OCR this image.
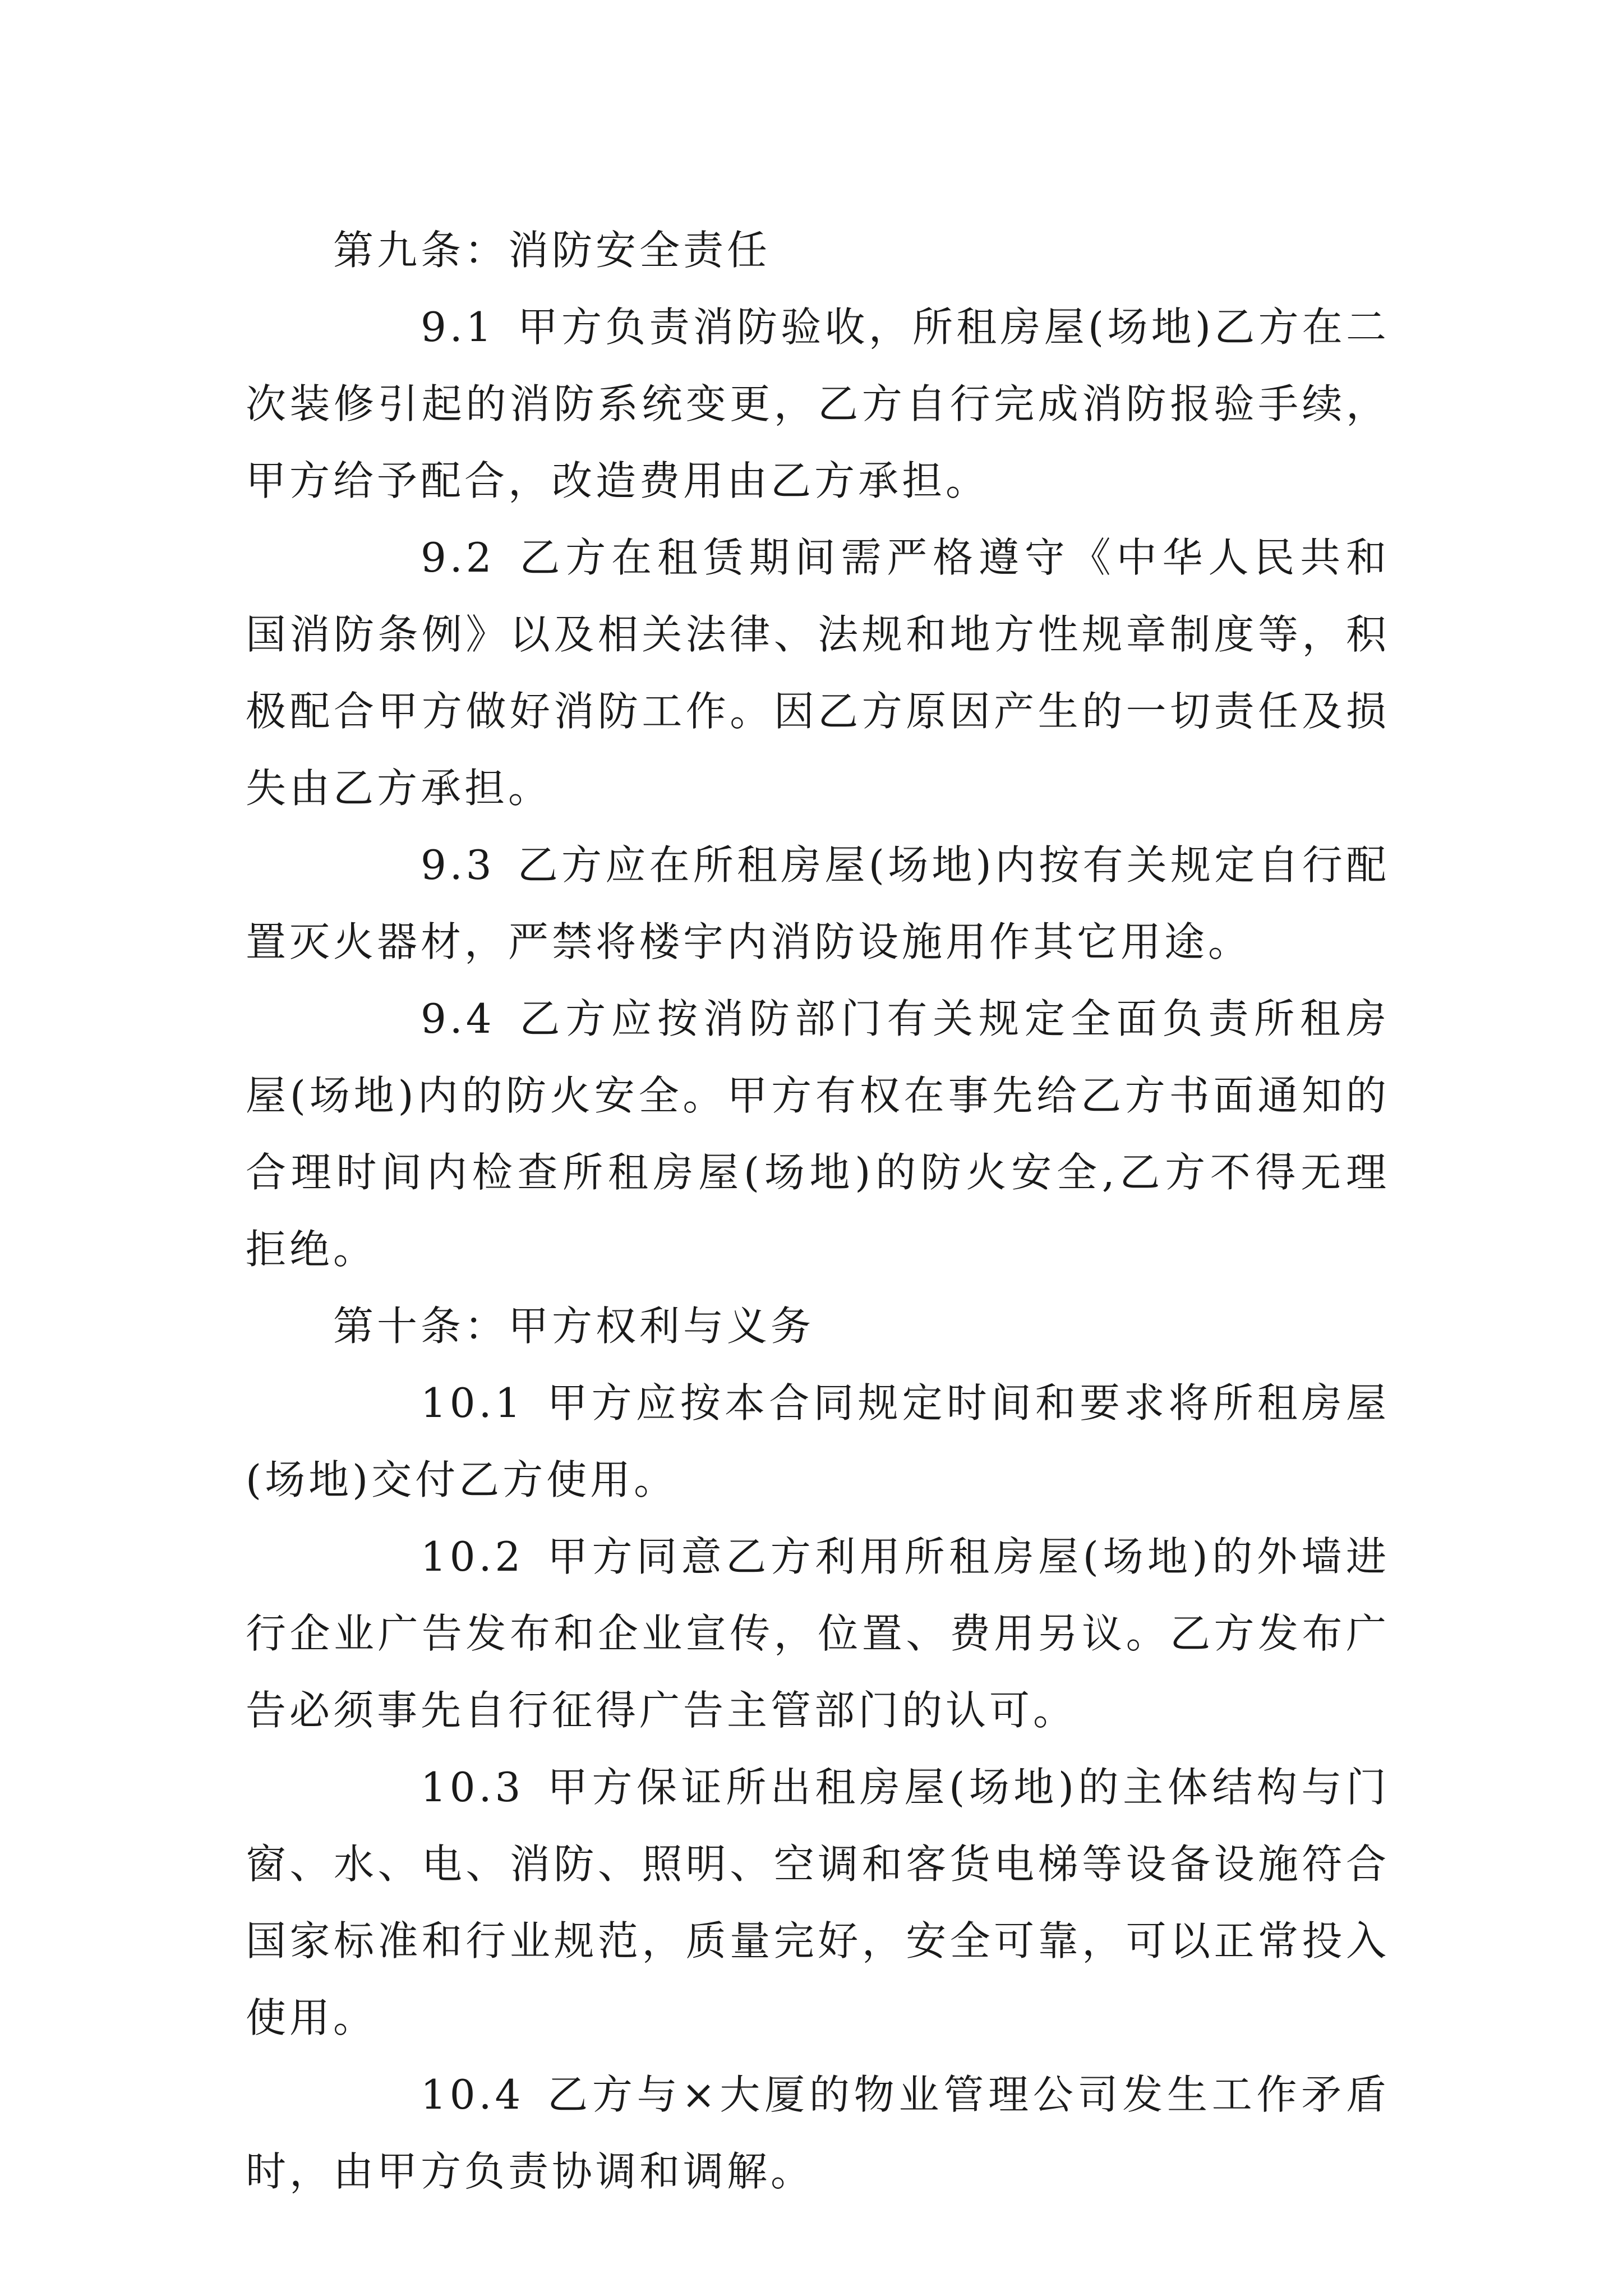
第九条：消防安全责任

9.1 甲方负责消防验收，所租房屋(场地)乙方在二次装修引起的消防系统变更，乙方自行完成消防报验手续，甲方给予配合，改造费用由乙方承担。

9.2 乙方在租赁期间需严格遵守《中华人民共和国消防条例》以及相关法律、法规和地方性规章制度等，积极配合甲方做好消防工作。因乙方原因产生的一切责任及损失由乙方承担。

9.3 乙方应在所租房屋(场地)内按有关规定自行配置灭火器材，严禁将楼宇内消防设施用作其它用途。

9.4 乙方应按消防部门有关规定全面负责所租房屋(场地)内的防火安全。甲方有权在事先给乙方书面通知的合理时间内检查所租房屋(场地)的防火安全,乙方不得无理拒绝。

第十条：甲方权利与义务

10.1 甲方应按本合同规定时间和要求将所租房屋(场地)交付乙方使用。

10.2 甲方同意乙方利用所租房屋(场地)的外墙进行企业广告发布和企业宣传，位置、费用另议。乙方发布广告必须事先自行征得广告主管部门的认可。

10.3 甲方保证所出租房屋(场地)的主体结构与门窗、水、电、消防、照明、空调和客货电梯等设备设施符合国家标准和行业规范，质量完好，安全可靠，可以正常投入使用。

10.4 乙方与×大厦的物业管理公司发生工作矛盾时，由甲方负责协调和调解。
